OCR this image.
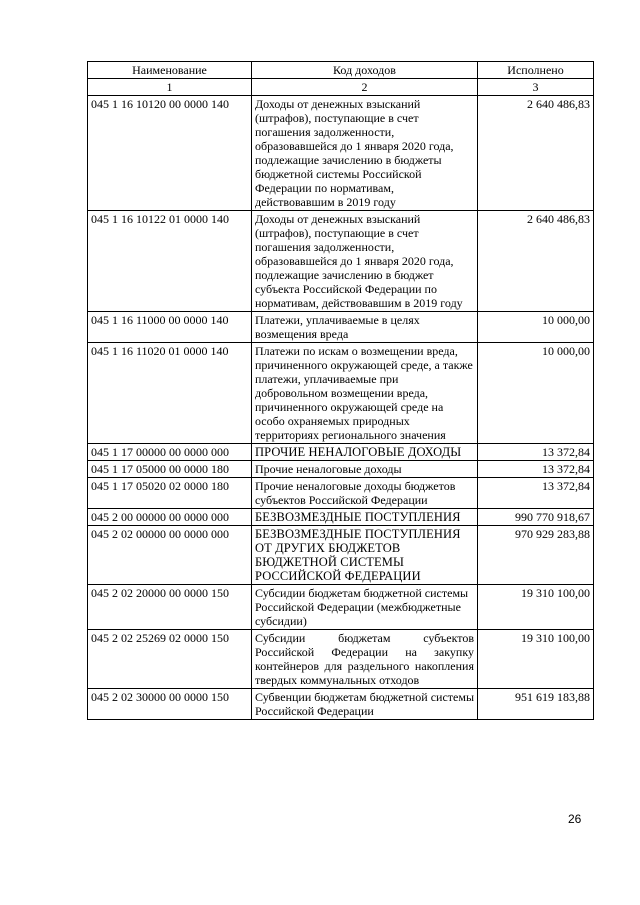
Наименование	Код доходов	Исполнено
1	2	3
045 1 16 10120 00 0000 140	Доходы от денежных взысканий (штрафов), поступающие в счет погашения задолженности, образовавшейся до 1 января 2020 года, подлежащие зачислению в бюджеты бюджетной системы Российской Федерации по нормативам, действовавшим в 2019 году	2 640 486,83
045 1 16 10122 01 0000 140	Доходы от денежных взысканий (штрафов), поступающие в счет погашения задолженности, образовавшейся до 1 января 2020 года, подлежащие зачислению в бюджет субъекта Российской Федерации по нормативам, действовавшим в 2019 году	2 640 486,83
045 1 16 11000 00 0000 140	Платежи, уплачиваемые в целях возмещения вреда	10 000,00
045 1 16 11020 01 0000 140	Платежи по искам о возмещении вреда, причиненного окружающей среде, а также платежи, уплачиваемые при добровольном возмещении вреда, причиненного окружающей среде на особо охраняемых природных территориях регионального значения	10 000,00
045 1 17 00000 00 0000 000	ПРОЧИЕ НЕНАЛОГОВЫЕ ДОХОДЫ	13 372,84
045 1 17 05000 00 0000 180	Прочие неналоговые доходы	13 372,84
045 1 17 05020 02 0000 180	Прочие неналоговые доходы бюджетов субъектов Российской Федерации	13 372,84
045 2 00 00000 00 0000 000	БЕЗВОЗМЕЗДНЫЕ ПОСТУПЛЕНИЯ	990 770 918,67
045 2 02 00000 00 0000 000	БЕЗВОЗМЕЗДНЫЕ ПОСТУПЛЕНИЯ ОТ ДРУГИХ БЮДЖЕТОВ БЮДЖЕТНОЙ СИСТЕМЫ РОССИЙСКОЙ ФЕДЕРАЦИИ	970 929 283,88
045 2 02 20000 00 0000 150	Субсидии бюджетам бюджетной системы Российской Федерации (межбюджетные субсидии)	19 310 100,00
045 2 02 25269 02 0000 150	Субсидии бюджетам субъектов Российской Федерации на закупку контейнеров для раздельного накопления твердых коммунальных отходов	19 310 100,00
045 2 02 30000 00 0000 150	Субвенции бюджетам бюджетной системы Российской Федерации	951 619 183,88
26
